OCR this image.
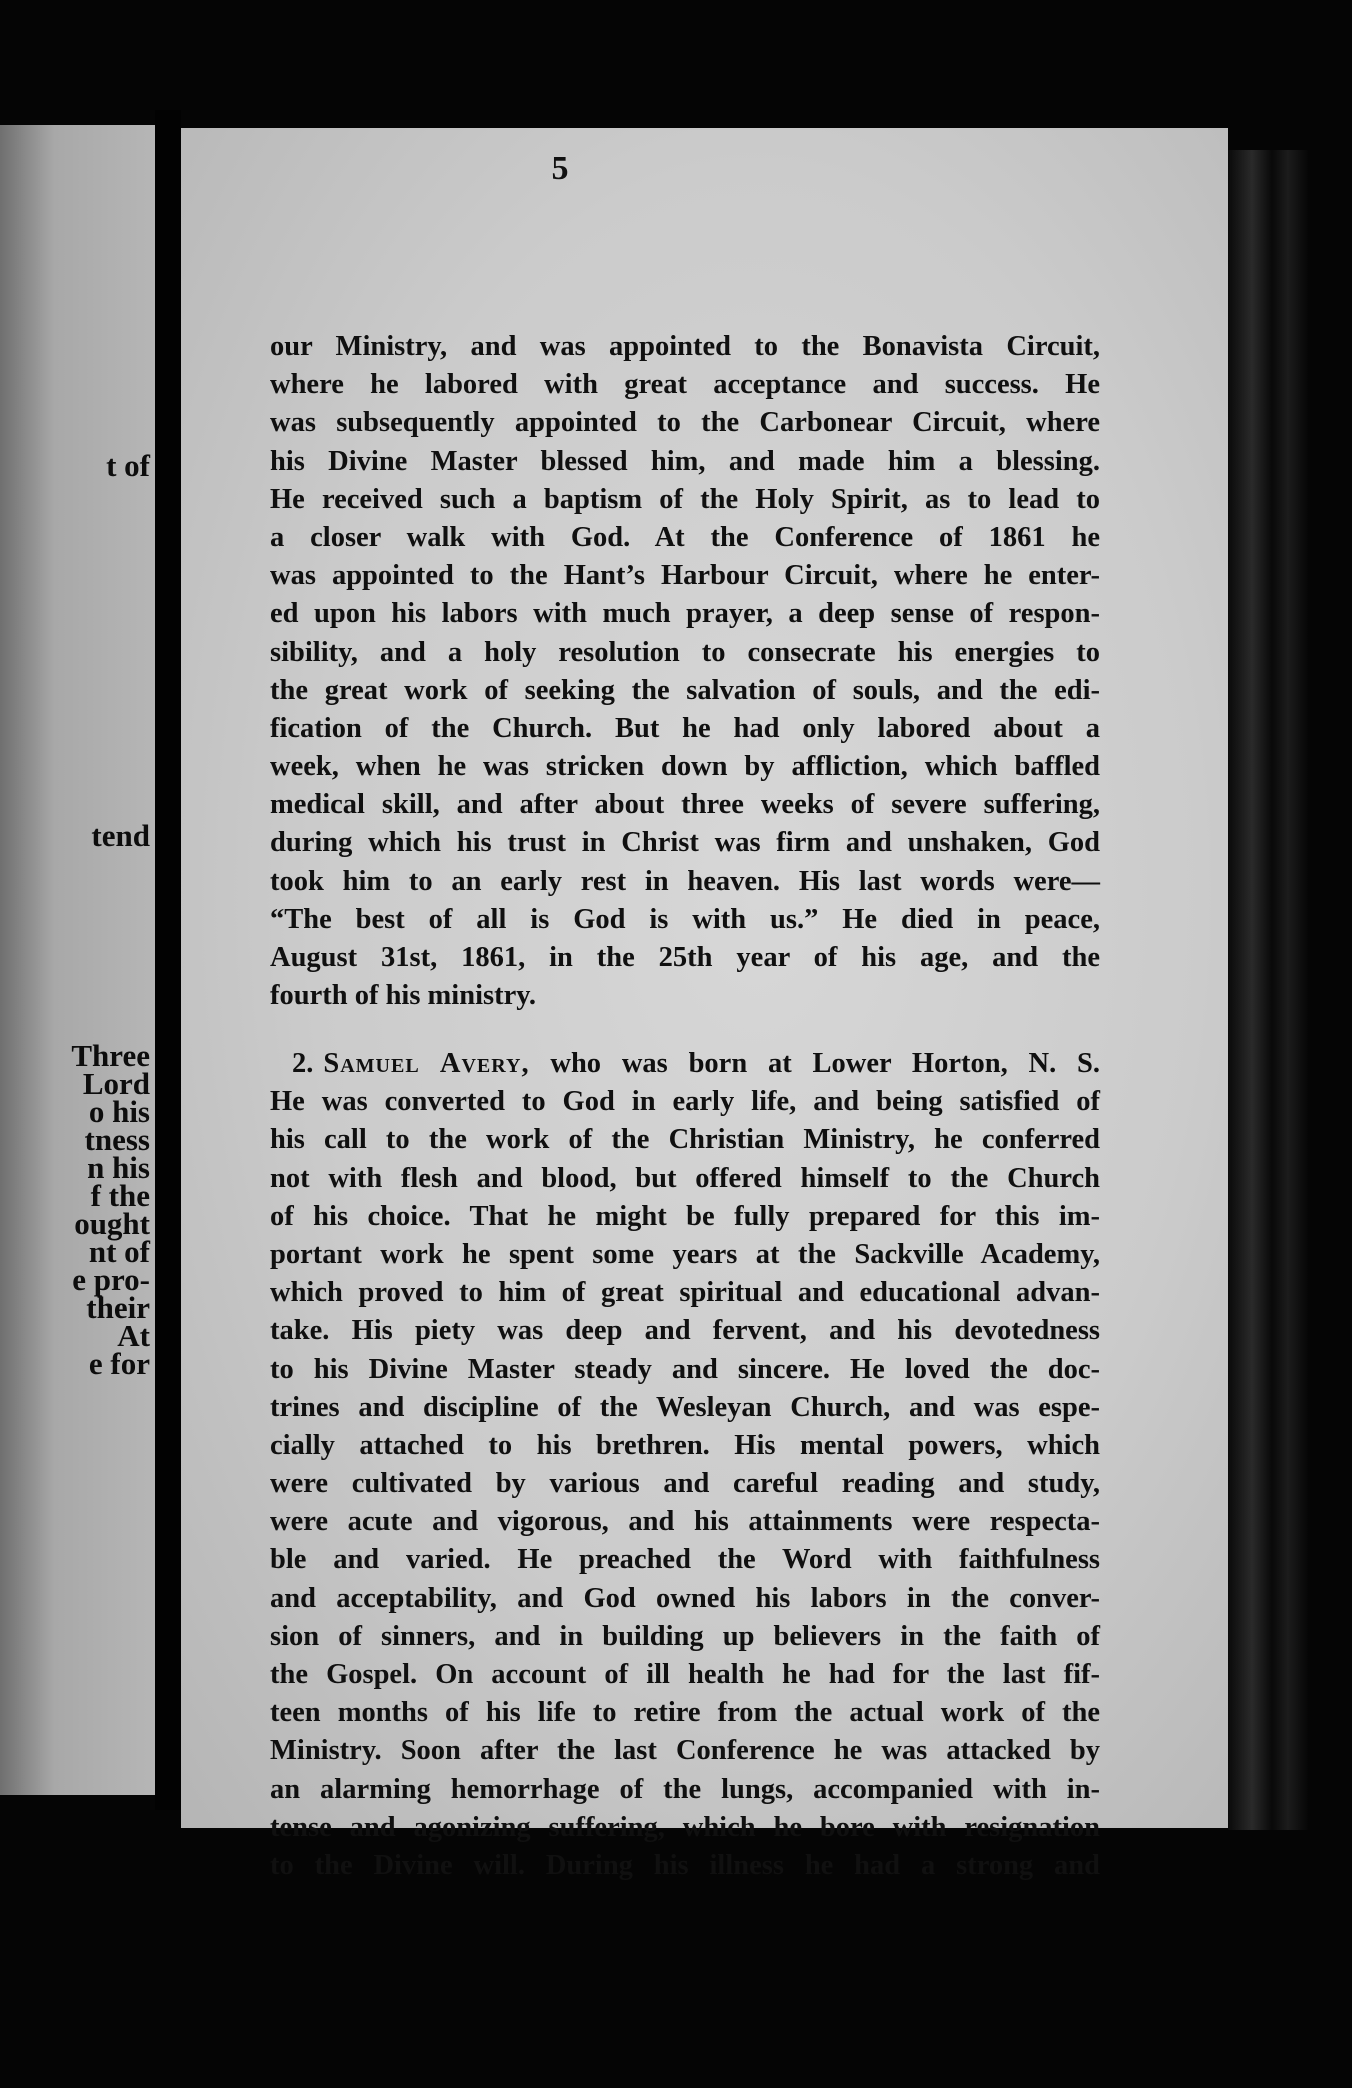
t of
tend
Three
Lord
o his
tness
n his
f the
ought
nt of
e pro-
their
At
e for
5
our Ministry, and was appointed to the Bonavista Circuit,
where he labored with great acceptance and success. He
was subsequently appointed to the Carbonear Circuit, where
his Divine Master blessed him, and made him a blessing.
He received such a baptism of the Holy Spirit, as to lead to
a closer walk with God. At the Conference of 1861 he
was appointed to the Hant’s Harbour Circuit, where he enter-
ed upon his labors with much prayer, a deep sense of respon-
sibility, and a holy resolution to consecrate his energies to
the great work of seeking the salvation of souls, and the edi-
fication of the Church. But he had only labored about a
week, when he was stricken down by affliction, which baffled
medical skill, and after about three weeks of severe suffering,
during which his trust in Christ was firm and unshaken, God
took him to an early rest in heaven. His last words were—
“The best of all is God is with us.” He died in peace,
August 31st, 1861, in the 25th year of his age, and the
fourth of his ministry.
2. Samuel Avery, who was born at Lower Horton, N. S.
He was converted to God in early life, and being satisfied of
his call to the work of the Christian Ministry, he conferred
not with flesh and blood, but offered himself to the Church
of his choice. That he might be fully prepared for this im-
portant work he spent some years at the Sackville Academy,
which proved to him of great spiritual and educational advan-
take. His piety was deep and fervent, and his devotedness
to his Divine Master steady and sincere. He loved the doc-
trines and discipline of the Wesleyan Church, and was espe-
cially attached to his brethren. His mental powers, which
were cultivated by various and careful reading and study,
were acute and vigorous, and his attainments were respecta-
ble and varied. He preached the Word with faithfulness
and acceptability, and God owned his labors in the conver-
sion of sinners, and in building up believers in the faith of
the Gospel. On account of ill health he had for the last fif-
teen months of his life to retire from the actual work of the
Ministry. Soon after the last Conference he was attacked by
an alarming hemorrhage of the lungs, accompanied with in-
tense and agonizing suffering, which he bore with resignation
to the Divine will. During his illness he had a strong and
